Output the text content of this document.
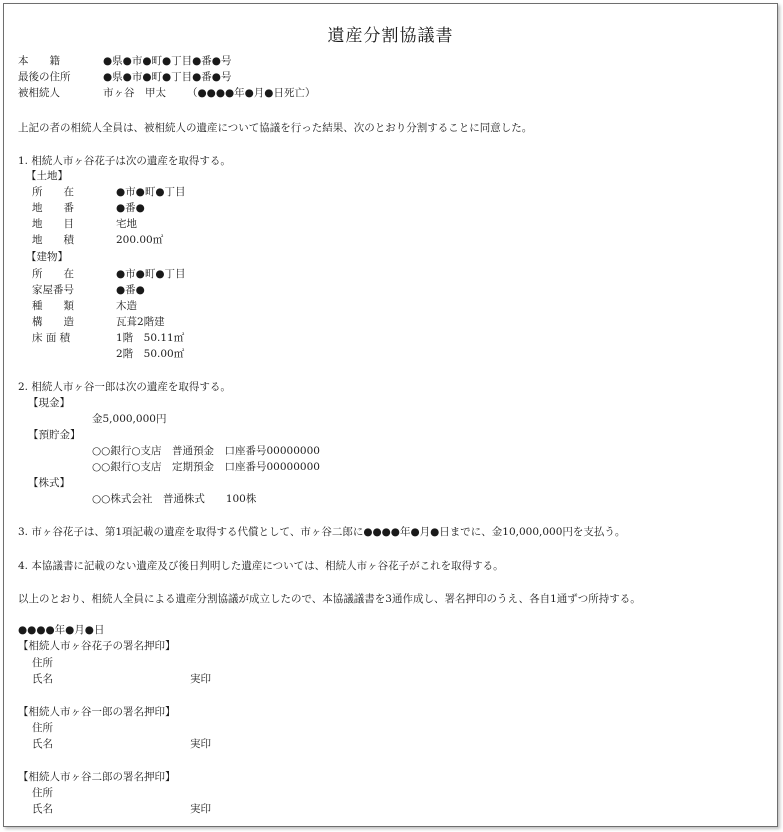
遺産分割協議書
本　　籍	●県●市●町●丁目●番●号
最後の住所	●県●市●町●丁目●番●号
被相続人	市ヶ谷　甲太 （●●●●年●月●日死亡）
上記の者の相続人全員は、被相続人の遺産について協議を行った結果、次のとおり分割することに同意した。
1. 相続人市ヶ谷花子は次の遺産を取得する。
【土地】
所　　在	●市●町●丁目
地　　番	●番●
地　　目	宅地
地　　積	200.00㎡
【建物】
所　　在	●市●町●丁目
家屋番号	●番●
種　　類	木造
構　　造	瓦葺2階建
床 面 積	1階　50.11㎡
2階　50.00㎡
2. 相続人市ヶ谷一郎は次の遺産を取得する。
【現金】
金5,000,000円
【預貯金】
○○銀行○支店　普通預金　口座番号00000000
○○銀行○支店　定期預金　口座番号00000000
【株式】
○○株式会社　普通株式　　100株
3. 市ヶ谷花子は、第1項記載の遺産を取得する代償として、市ヶ谷二郎に●●●●年●月●日までに、金10,000,000円を支払う。
4. 本協議書に記載のない遺産及び後日判明した遺産については、相続人市ヶ谷花子がこれを取得する。
以上のとおり、相続人全員による遺産分割協議が成立したので、本協議議書を3通作成し、署名押印のうえ、各自1通ずつ所持する。
●●●●年●月●日
【相続人市ヶ谷花子の署名押印】
住所
氏名	実印
【相続人市ヶ谷一郎の署名押印】
住所
氏名	実印
【相続人市ヶ谷二郎の署名押印】
住所
氏名	実印
